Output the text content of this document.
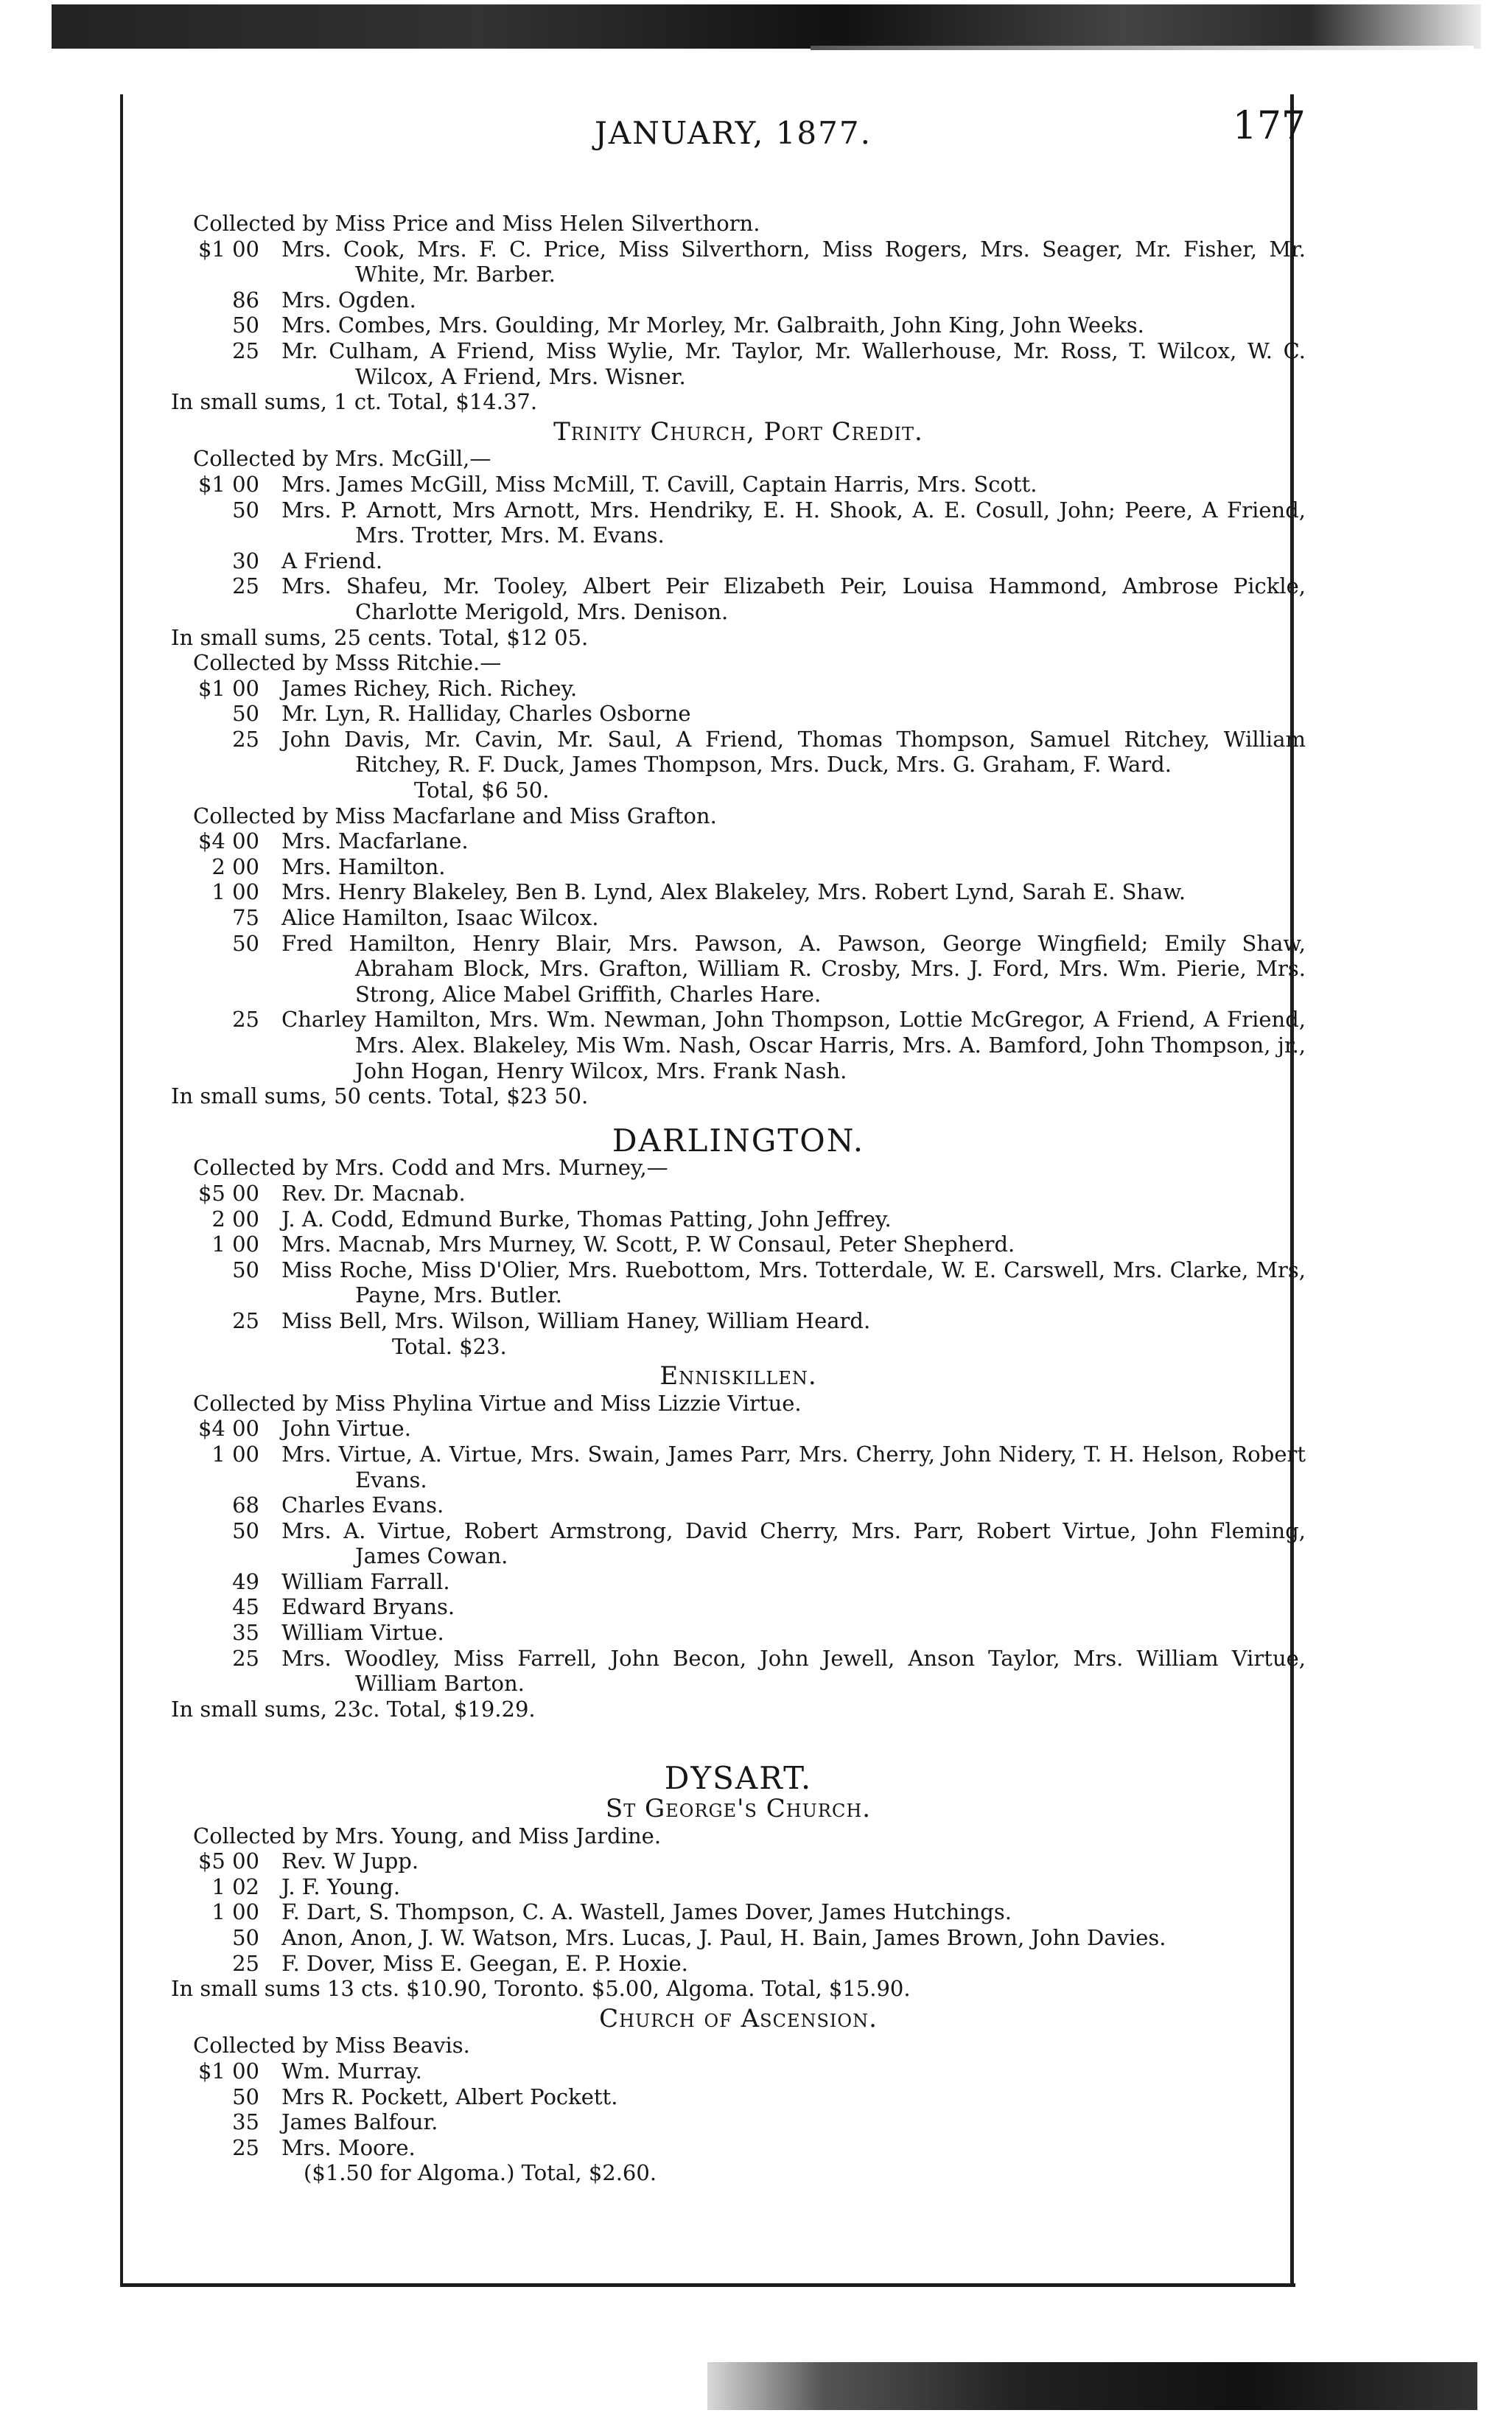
JANUARY, 1877.	177
Collected by Miss Price and Miss Helen Silverthorn.
$1 00	Mrs. Cook, Mrs. F. C. Price, Miss Silverthorn, Miss Rogers, Mrs. Seager, Mr. Fisher, Mr. White, Mr. Barber.
86	Mrs. Ogden.
50	Mrs. Combes, Mrs. Goulding, Mr Morley, Mr. Galbraith, John King, John Weeks.
25	Mr. Culham, A Friend, Miss Wylie, Mr. Taylor, Mr. Wallerhouse, Mr. Ross, T. Wilcox, W. C. Wilcox, A Friend, Mrs. Wisner.
In small sums, 1 ct. Total, $14.37.
Trinity Church, Port Credit.
Collected by Mrs. McGill,—
$1 00	Mrs. James McGill, Miss McMill, T. Cavill, Captain Harris, Mrs. Scott.
50	Mrs. P. Arnott, Mrs Arnott, Mrs. Hendriky, E. H. Shook, A. E. Cosull, John; Peere, A Friend, Mrs. Trotter, Mrs. M. Evans.
30	A Friend.
25	Mrs. Shafeu, Mr. Tooley, Albert Peir Elizabeth Peir, Louisa Hammond, Ambrose Pickle, Charlotte Merigold, Mrs. Denison.
In small sums, 25 cents. Total, $12 05.
Collected by Msss Ritchie.—
$1 00	James Richey, Rich. Richey.
50	Mr. Lyn, R. Halliday, Charles Osborne
25	John Davis, Mr. Cavin, Mr. Saul, A Friend, Thomas Thompson, Samuel Ritchey, William Ritchey, R. F. Duck, James Thompson, Mrs. Duck, Mrs. G. Graham, F. Ward.
Total, $6 50.
Collected by Miss Macfarlane and Miss Grafton.
$4 00	Mrs. Macfarlane.
2 00	Mrs. Hamilton.
1 00	Mrs. Henry Blakeley, Ben B. Lynd, Alex Blakeley, Mrs. Robert Lynd, Sarah E. Shaw.
75	Alice Hamilton, Isaac Wilcox.
50	Fred Hamilton, Henry Blair, Mrs. Pawson, A. Pawson, George Wingfield; Emily Shaw, Abraham Block, Mrs. Grafton, William R. Crosby, Mrs. J. Ford, Mrs. Wm. Pierie, Mrs. Strong, Alice Mabel Griffith, Charles Hare.
25	Charley Hamilton, Mrs. Wm. Newman, John Thompson, Lottie McGregor, A Friend, A Friend, Mrs. Alex. Blakeley, Mis Wm. Nash, Oscar Harris, Mrs. A. Bamford, John Thompson, jr., John Hogan, Henry Wilcox, Mrs. Frank Nash.
In small sums, 50 cents. Total, $23 50.
DARLINGTON.
Collected by Mrs. Codd and Mrs. Murney,—
$5 00	Rev. Dr. Macnab.
2 00	J. A. Codd, Edmund Burke, Thomas Patting, John Jeffrey.
1 00	Mrs. Macnab, Mrs Murney, W. Scott, P. W Consaul, Peter Shepherd.
50	Miss Roche, Miss D'Olier, Mrs. Ruebottom, Mrs. Totterdale, W. E. Carswell, Mrs. Clarke, Mrs, Payne, Mrs. Butler.
25	Miss Bell, Mrs. Wilson, William Haney, William Heard.
Total. $23.
Enniskillen.
Collected by Miss Phylina Virtue and Miss Lizzie Virtue.
$4 00	John Virtue.
1 00	Mrs. Virtue, A. Virtue, Mrs. Swain, James Parr, Mrs. Cherry, John Nidery, T. H. Helson, Robert Evans.
68	Charles Evans.
50	Mrs. A. Virtue, Robert Armstrong, David Cherry, Mrs. Parr, Robert Virtue, John Fleming, James Cowan.
49	William Farrall.
45	Edward Bryans.
35	William Virtue.
25	Mrs. Woodley, Miss Farrell, John Becon, John Jewell, Anson Taylor, Mrs. William Virtue, William Barton.
In small sums, 23c. Total, $19.29.
DYSART.
St George's Church.
Collected by Mrs. Young, and Miss Jardine.
$5 00	Rev. W Jupp.
1 02	J. F. Young.
1 00	F. Dart, S. Thompson, C. A. Wastell, James Dover, James Hutchings.
50	Anon, Anon, J. W. Watson, Mrs. Lucas, J. Paul, H. Bain, James Brown, John Davies.
25	F. Dover, Miss E. Geegan, E. P. Hoxie.
In small sums 13 cts. $10.90, Toronto. $5.00, Algoma. Total, $15.90.
Church of Ascension.
Collected by Miss Beavis.
$1 00	Wm. Murray.
50	Mrs R. Pockett, Albert Pockett.
35	James Balfour.
25	Mrs. Moore.
($1.50 for Algoma.) Total, $2.60.
